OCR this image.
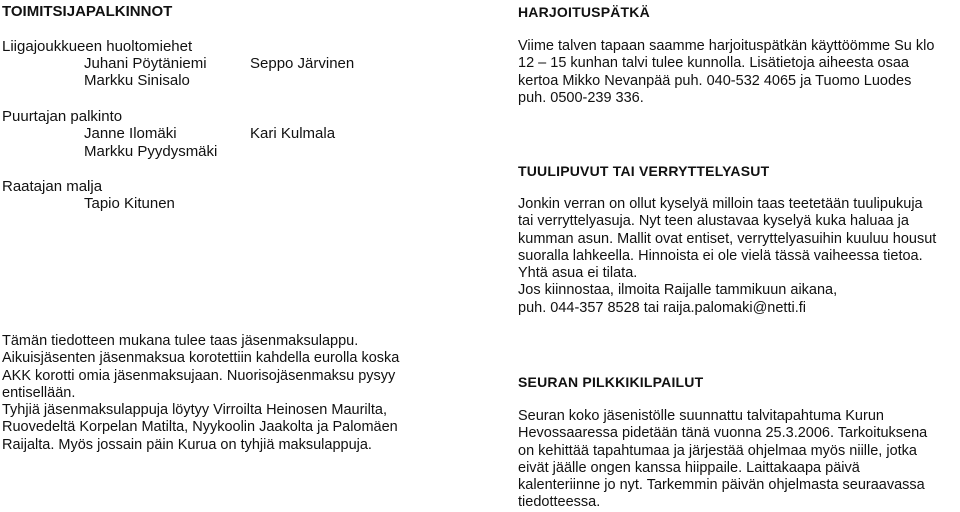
TOIMITSIJAPALKINNOT
Liigajoukkueen huoltomiehet
Juhani Pöytäniemi
Markku Sinisalo
Seppo Järvinen
Puurtajan palkinto
Janne Ilomäki
Markku Pyydysmäki
Kari Kulmala
Raatajan malja
Tapio Kitunen
Tämän tiedotteen mukana tulee taas jäsenmaksulappu.
Aikuisjäsenten jäsenmaksua korotettiin kahdella eurolla koska
AKK korotti omia jäsenmaksujaan. Nuorisojäsenmaksu pysyy
entisellään.
Tyhjiä jäsenmaksulappuja löytyy Virroilta Heinosen Mauriltа,
Ruovedeltä Korpelan Matilta, Nyykoolin Jaakolta ja Palomäen
Raijalta. Myös jossain päin Kurua on tyhjiä maksulappuja.
HARJOITUSPÄTKÄ
Viime talven tapaan saamme harjoituspätkän käyttöömme Su klo
12 – 15 kunhan talvi tulee kunnolla. Lisätietoja aiheesta osaa
kertoa Mikko Nevanpää puh. 040-532 4065 ja Tuomo Luodes
puh. 0500-239 336.
TUULIPUVUT TAI VERRYTTELYASUT
Jonkin verran on ollut kyselyä milloin taas teetetään tuulipukuja
tai verryttelyasuja. Nyt teen alustavaa kyselyä kuka haluaa ja
kumman asun. Mallit ovat entiset, verryttelyasuihin kuuluu housut
suoralla lahkeella. Hinnoista ei ole vielä tässä vaiheessa tietoa.
Yhtä asua ei tilata.
Jos kiinnostaa, ilmoita Raijalle tammikuun aikana,
puh. 044-357 8528 tai raija.palomaki@netti.fi
SEURAN PILKKIKILPAILUT
Seuran koko jäsenistölle suunnattu talvitapahtuma Kurun
Hevossaaressa pidetään tänä vuonna 25.3.2006. Tarkoituksena
on kehittää tapahtumaa ja järjestää ohjelmaa myös niille, jotka
eivät jäälle ongen kanssa hiippaile. Laittakaapa päivä
kalenteriinne jo nyt. Tarkemmin päivän ohjelmasta seuraavassa
tiedotteessa.
